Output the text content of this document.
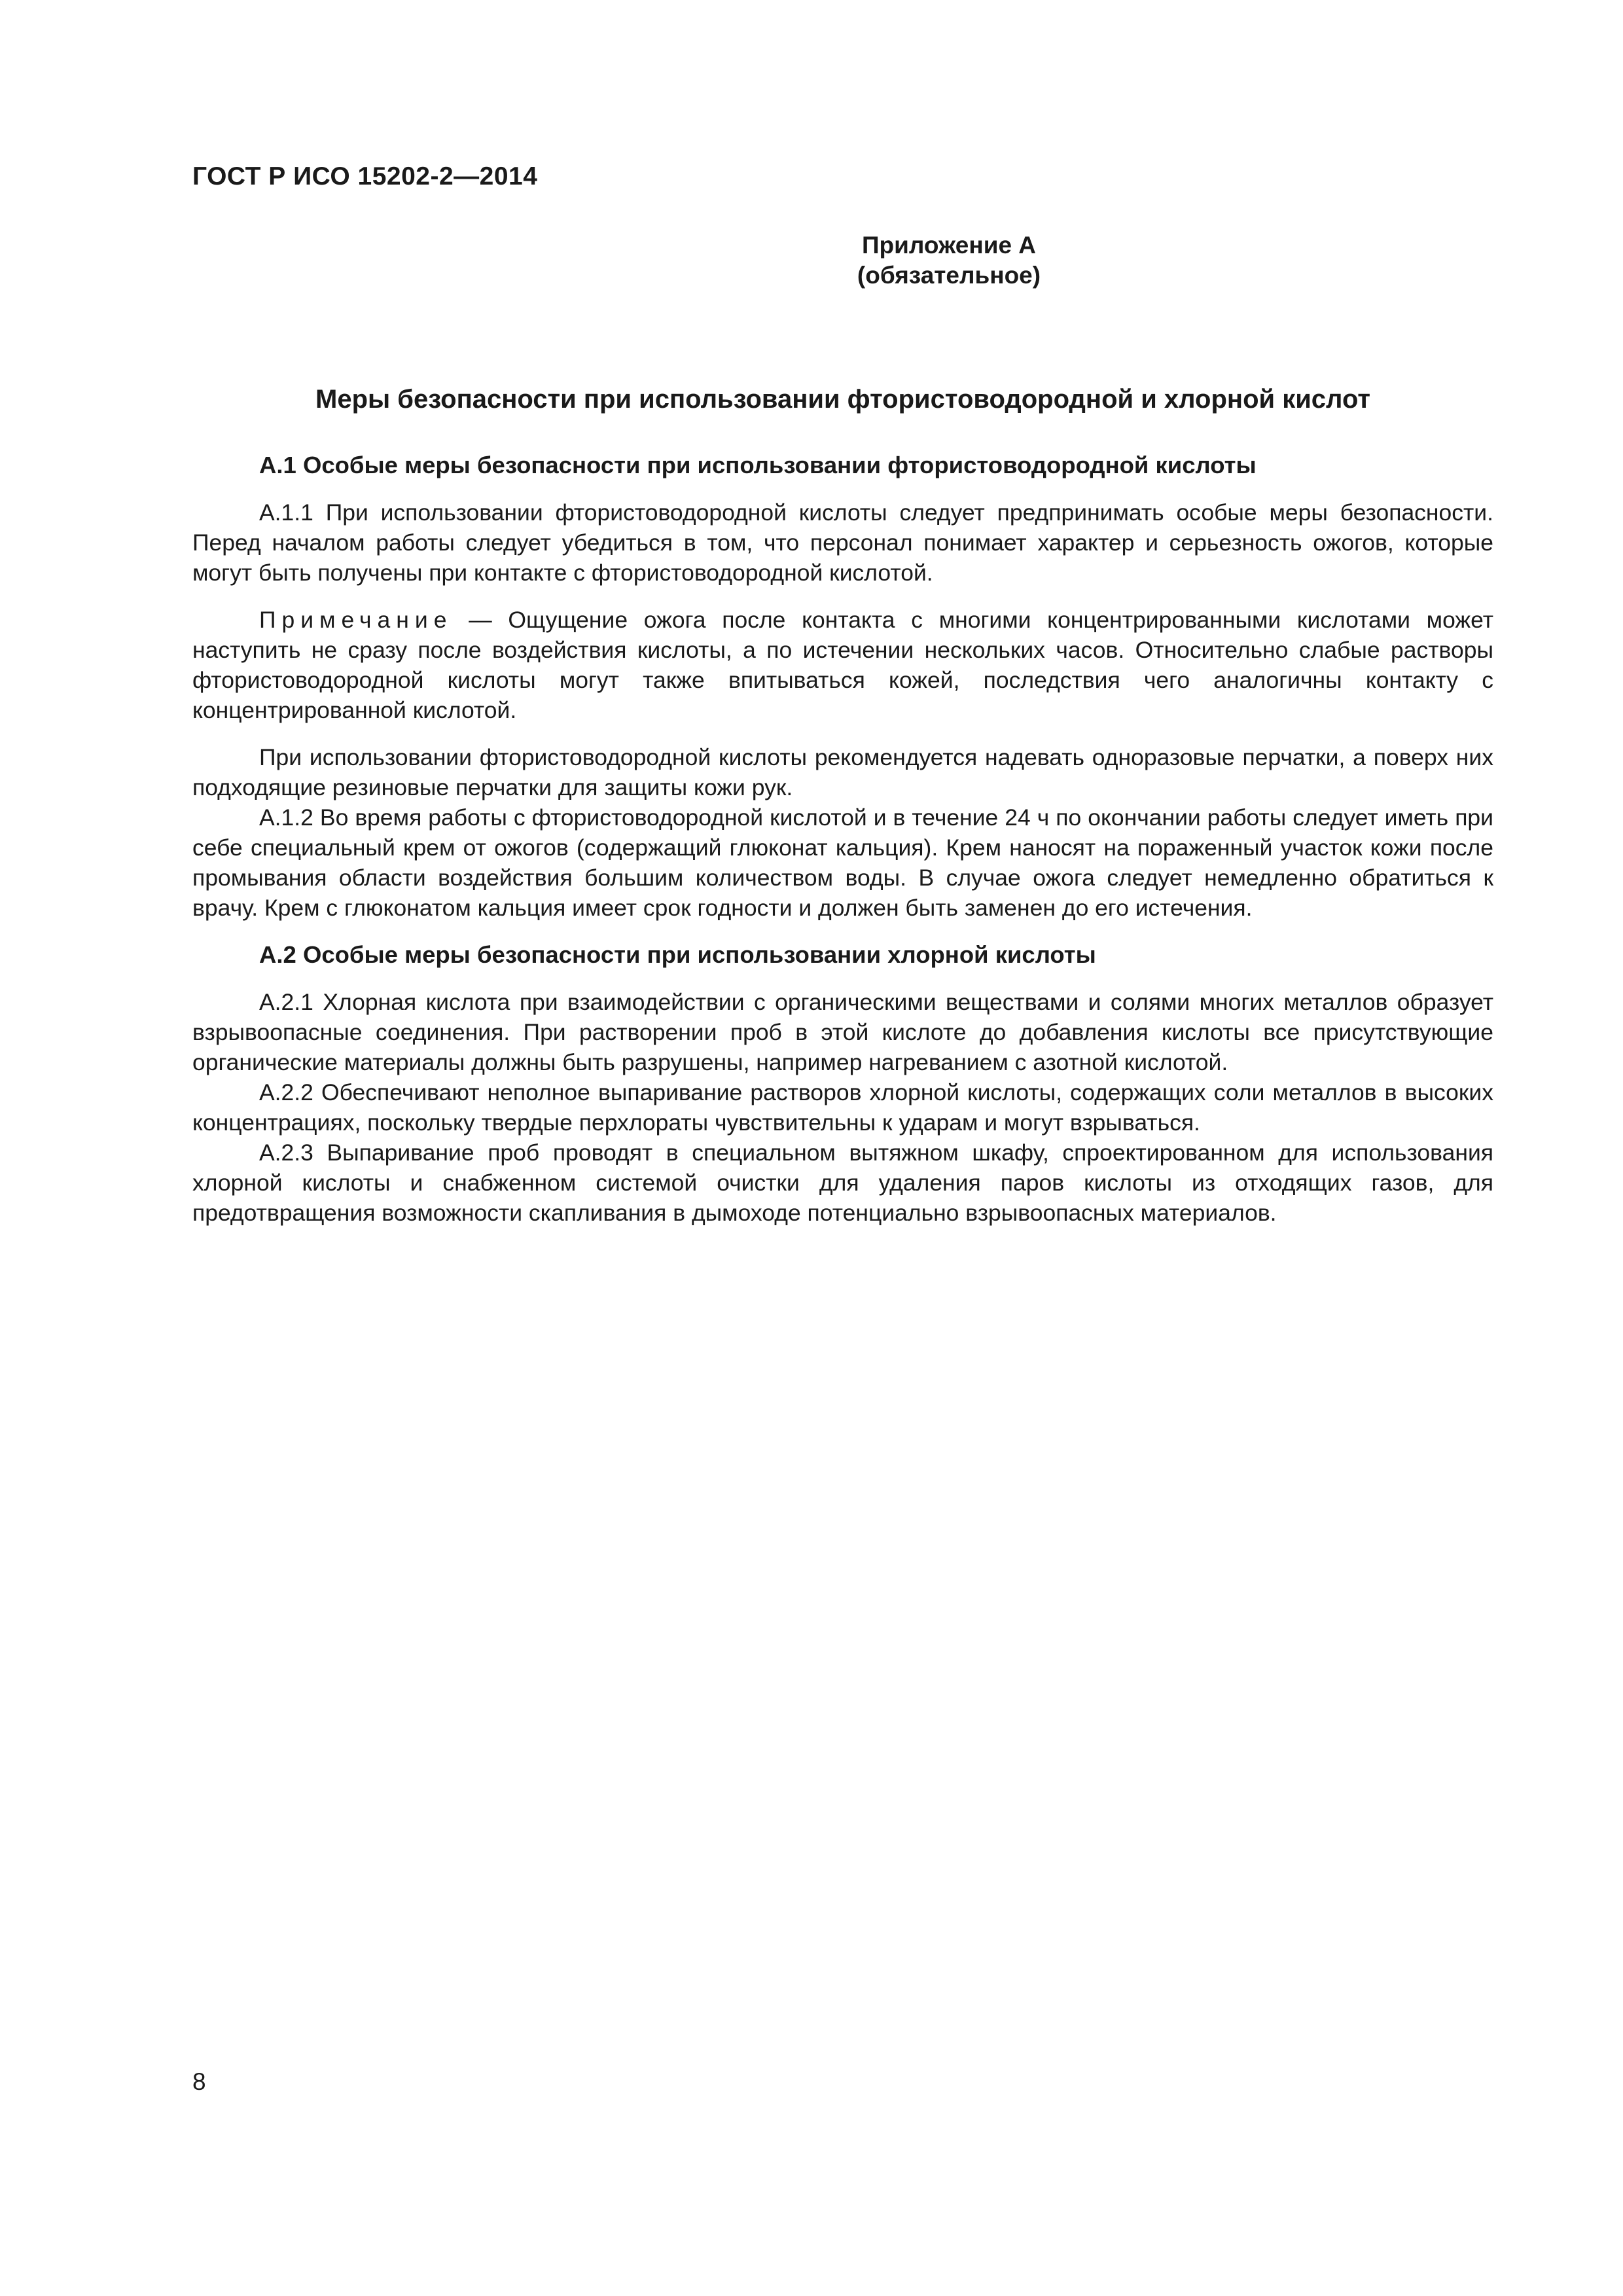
ГОСТ Р ИСО 15202-2—2014
Приложение А
(обязательное)
Меры безопасности при использовании фтористоводородной и хлорной кислот
А.1 Особые меры безопасности при использовании фтористоводородной кислоты

А.1.1 При использовании фтористоводородной кислоты следует предпринимать особые меры безопасности. Перед началом работы следует убедиться в том, что персонал понимает характер и серьезность ожогов, которые могут быть получены при контакте с фтористоводородной кислотой.

Примечание — Ощущение ожога после контакта с многими концентрированными кислотами может наступить не сразу после воздействия кислоты, а по истечении нескольких часов. Относительно слабые растворы фтористоводородной кислоты могут также впитываться кожей, последствия чего аналогичны контакту с концентрированной кислотой.

При использовании фтористоводородной кислоты рекомендуется надевать одноразовые перчатки, а поверх них подходящие резиновые перчатки для защиты кожи рук.

А.1.2 Во время работы с фтористоводородной кислотой и в течение 24 ч по окончании работы следует иметь при себе специальный крем от ожогов (содержащий глюконат кальция). Крем наносят на пораженный участок кожи после промывания области воздействия большим количеством воды. В случае ожога следует немедленно обратиться к врачу. Крем с глюконатом кальция имеет срок годности и должен быть заменен до его истечения.

А.2 Особые меры безопасности при использовании хлорной кислоты

А.2.1 Хлорная кислота при взаимодействии с органическими веществами и солями многих металлов образует взрывоопасные соединения. При растворении проб в этой кислоте до добавления кислоты все присутствующие органические материалы должны быть разрушены, например нагреванием с азотной кислотой.

А.2.2 Обеспечивают неполное выпаривание растворов хлорной кислоты, содержащих соли металлов в высоких концентрациях, поскольку твердые перхлораты чувствительны к ударам и могут взрываться.

А.2.3 Выпаривание проб проводят в специальном вытяжном шкафу, спроектированном для использования хлорной кислоты и снабженном системой очистки для удаления паров кислоты из отходящих газов, для предотвращения возможности скапливания в дымоходе потенциально взрывоопасных материалов.

8
